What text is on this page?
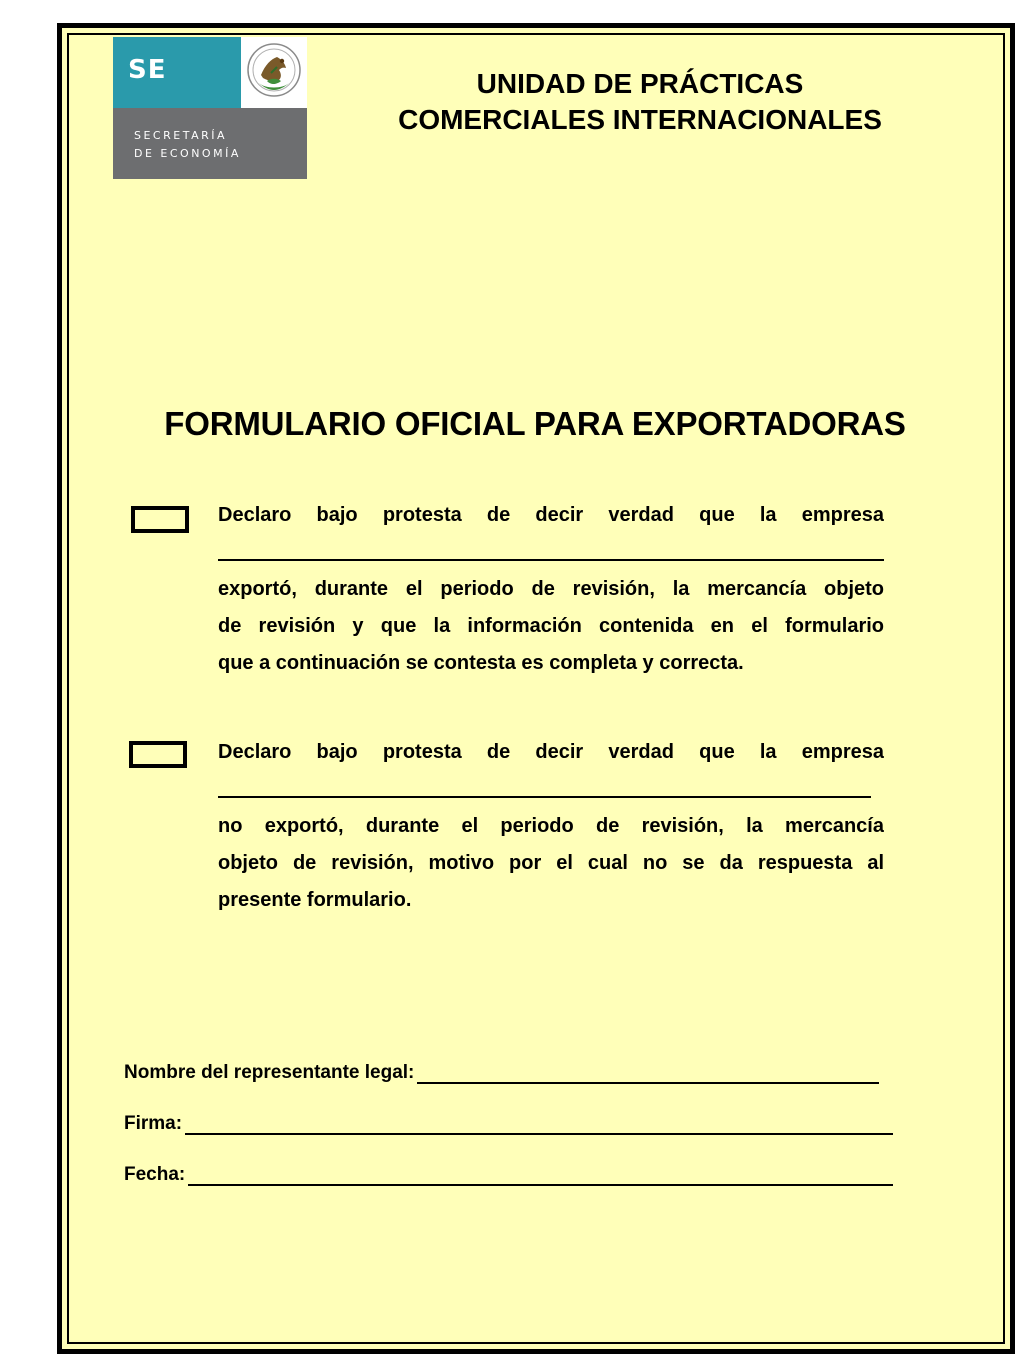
SE
SECRETARÍA
DE ECONOMÍA
UNIDAD DE PRÁCTICAS
COMERCIALES INTERNACIONALES
FORMULARIO OFICIAL PARA EXPORTADORAS
Declaro bajo protesta de decir verdad que la empresa
exportó, durante el periodo de revisión, la mercancía objeto
de revisión y que la información contenida en el formulario
que a continuación se contesta es completa y correcta.
Declaro bajo protesta de decir verdad que la empresa
no exportó, durante el periodo de revisión, la mercancía
objeto de revisión, motivo por el cual no se da respuesta al
presente formulario.
Nombre del representante legal:
Firma:
Fecha:
